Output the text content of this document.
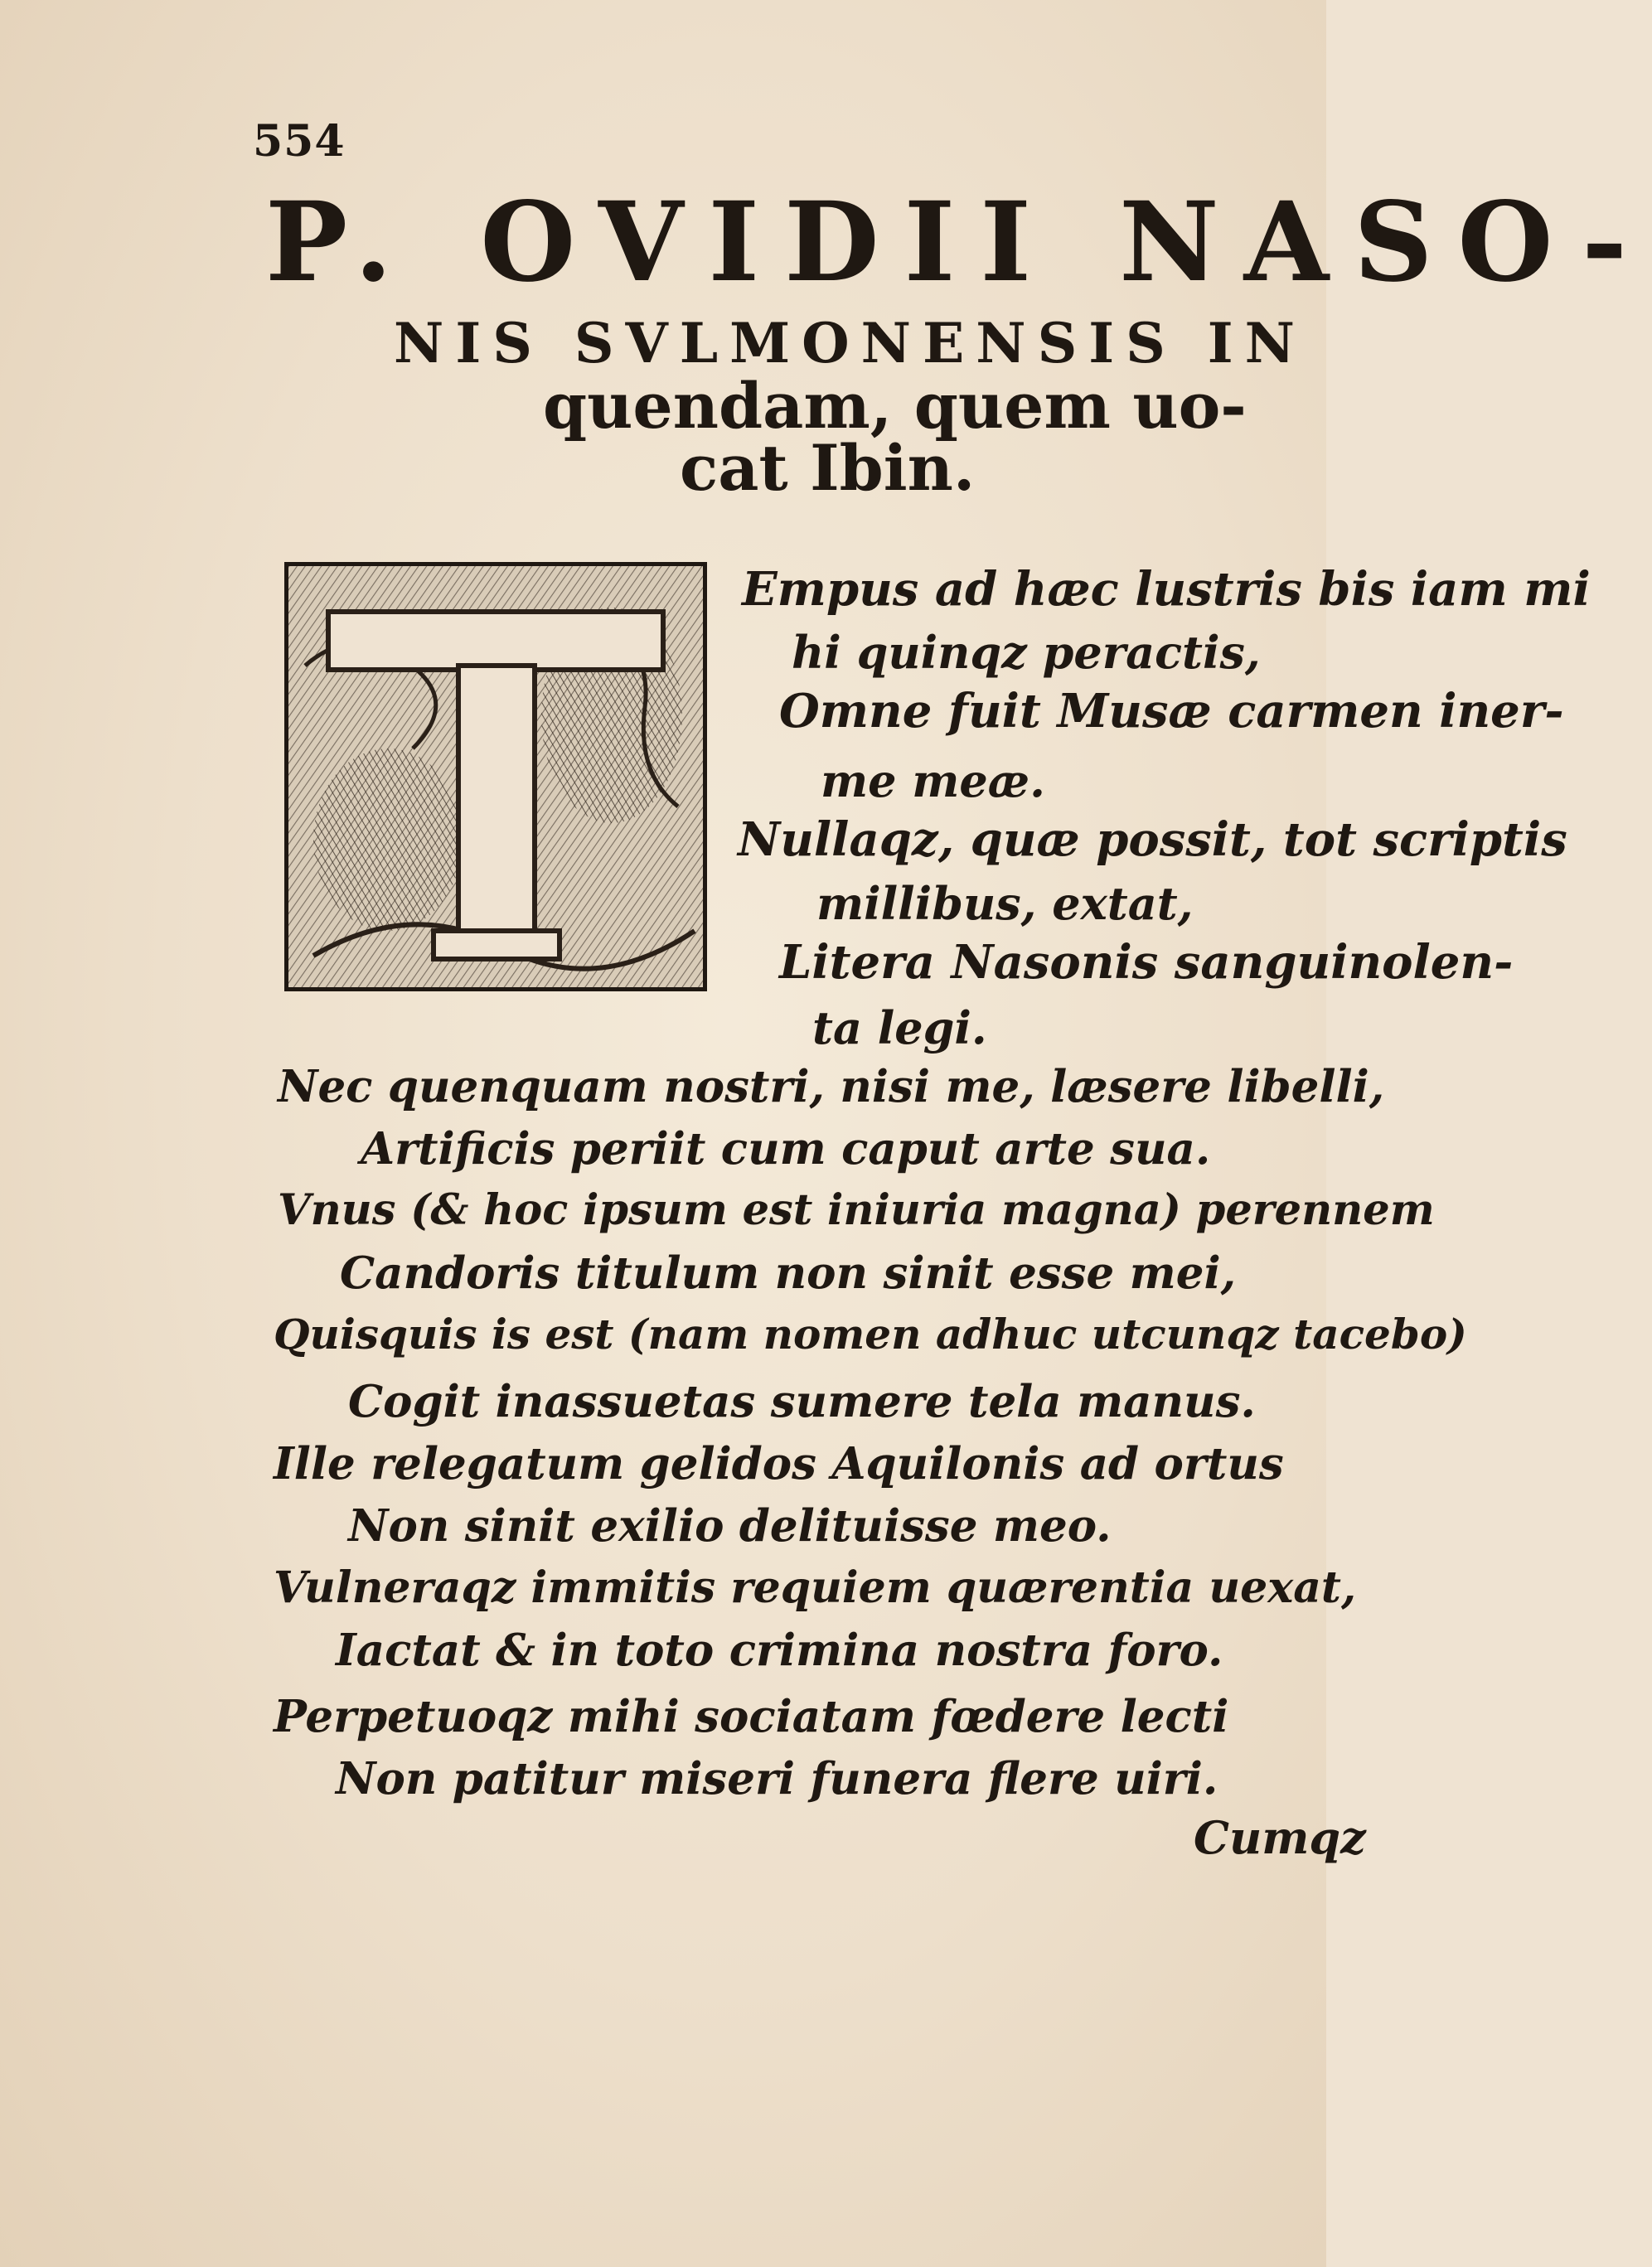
554
P. OVIDII NASO-
NIS SVLMONENSIS IN
quendam, quem uo-
cat Ibin.
Empus ad hæc lustris bis iam mi
hi quinqz peractis,
Omne fuit Musæ carmen iner-
me meæ.
Nullaqz, quæ possit, tot scriptis
millibus, extat,
Litera Nasonis sanguinolen-
ta legi.
Nec quenquam nostri, nisi me, læsere libelli,
Artificis periit cum caput arte sua.
Vnus (& hoc ipsum est iniuria magna) perennem
Candoris titulum non sinit esse mei,
Quisquis is est (nam nomen adhuc utcunqz tacebo)
Cogit inassuetas sumere tela manus.
Ille relegatum gelidos Aquilonis ad ortus
Non sinit exilio delituisse meo.
Vulneraqz immitis requiem quærentia uexat,
Iactat & in toto crimina nostra foro.
Perpetuoqz mihi sociatam fœdere lecti
Non patitur miseri funera flere uiri.
Cumqz
